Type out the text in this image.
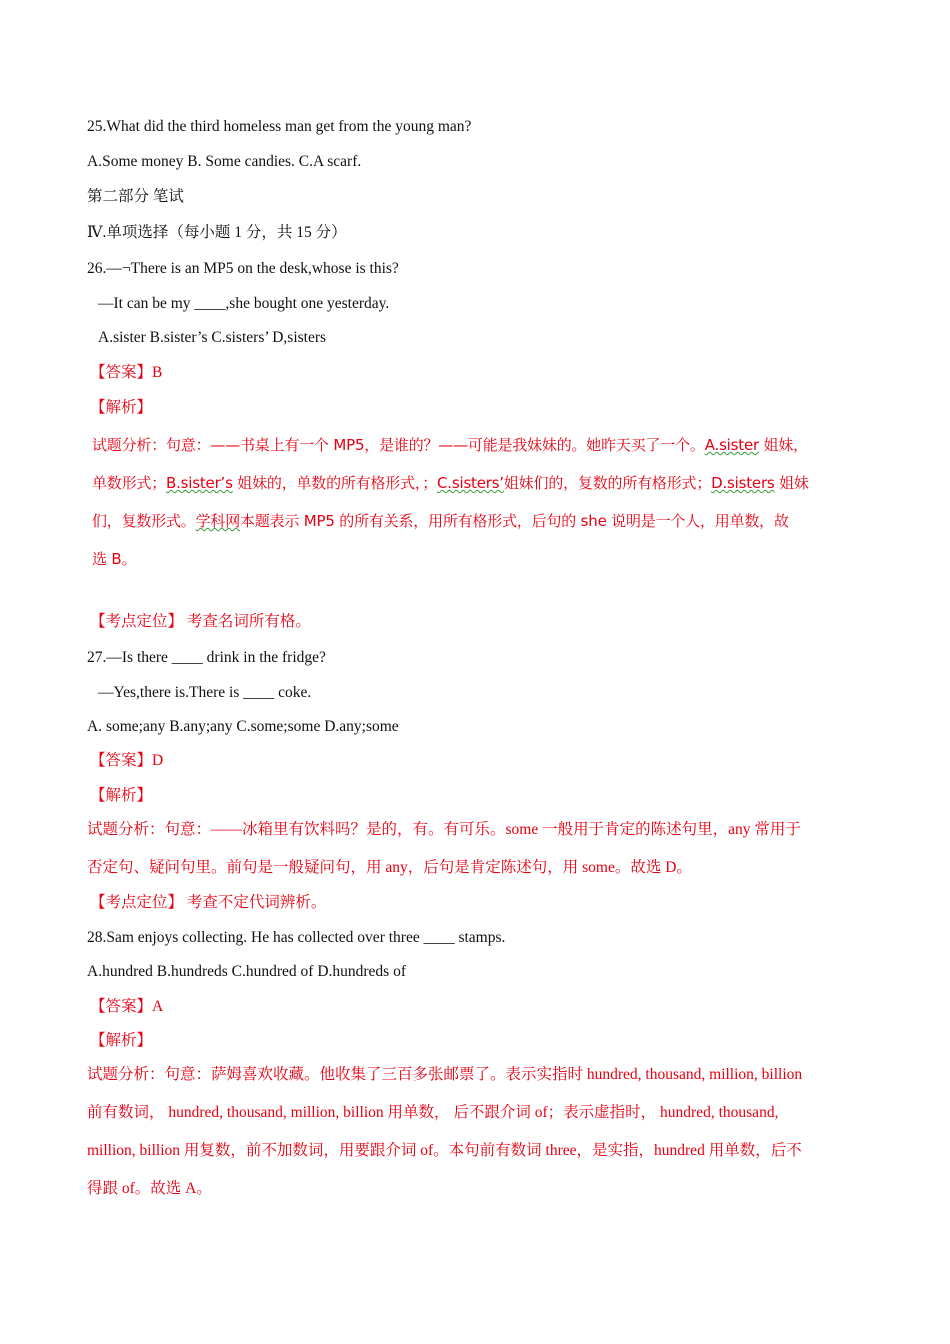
25.What did the third homeless man get from the young man?
A.Some money B. Some candies. C.A scarf.
第二部分 笔试
Ⅳ.单项选择（每小题 1 分，共 15 分）
26.—¬There is an MP5 on the desk,whose is this?
—It can be my ____,she bought one yesterday.
A.sister B.sister’s C.sisters’ D,sisters
【答案】B
【解析】
试题分析：句意：——书桌上有一个 MP5，是谁的？——可能是我妹妹的。她昨天买了一个。A.sister 姐妹，
单数形式；B.sister’s 姐妹的，单数的所有格形式，；C.sisters’姐妹们的，复数的所有格形式；D.sisters 姐妹
们，复数形式。学科网本题表示 MP5 的所有关系，用所有格形式，后句的 she 说明是一个人，用单数，故
选 B。
【考点定位】 考查名词所有格。
27.—Is there ____ drink in the fridge?
—Yes,there is.There is ____ coke.
A. some;any B.any;any C.some;some D.any;some
【答案】D
【解析】
试题分析：句意：——冰箱里有饮料吗？是的，有。有可乐。some 一般用于肯定的陈述句里，any 常用于
否定句、疑问句里。前句是一般疑问句，用 any，后句是肯定陈述句，用 some。故选 D。
【考点定位】 考查不定代词辨析。
28.Sam enjoys collecting. He has collected over three ____ stamps.
A.hundred B.hundreds C.hundred of D.hundreds of
【答案】A
【解析】
试题分析：句意：萨姆喜欢收藏。他收集了三百多张邮票了。表示实指时 hundred, thousand, million, billion
前有数词， hundred, thousand, million, billion 用单数， 后不跟介词 of；表示虚指时， hundred, thousand,
million, billion 用复数，前不加数词，用要跟介词 of。本句前有数词 three，是实指，hundred 用单数，后不
得跟 of。故选 A。
